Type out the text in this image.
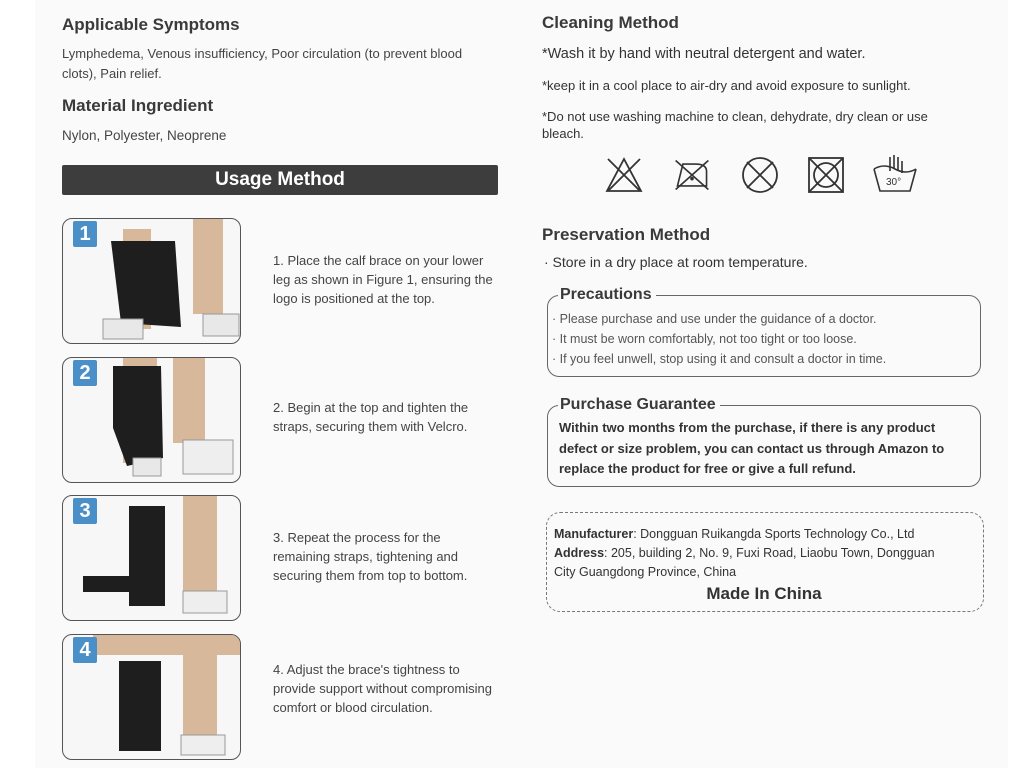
Applicable Symptoms
Lymphedema, Venous insufficiency, Poor circulation (to prevent blood clots), Pain relief.
Material Ingredient
Nylon, Polyester, Neoprene
Usage Method
1
1. Place the calf brace on your lower leg as shown in Figure 1, ensuring the logo is positioned at the top.
2
2. Begin at the top and tighten the straps, securing them with Velcro.
3
3. Repeat the process for the remaining straps, tightening and securing them from top to bottom.
4
4. Adjust the brace's tightness to provide support without compromising comfort or blood circulation.
Cleaning Method
*Wash it by hand with neutral detergent and water.
*keep it in a cool place to air-dry and avoid exposure to sunlight.
*Do not use washing machine to clean, dehydrate, dry clean or use bleach.
30°
Preservation Method
· Store in a dry place at room temperature.
Precautions
· Please purchase and use under the guidance of a doctor.
· It must be worn comfortably, not too tight or too loose.
· If you feel unwell, stop using it and consult a doctor in time.
Purchase Guarantee
Within two months from the purchase, if there is any product defect or size problem, you can contact us through Amazon to replace the product for free or give a full refund.
Manufacturer: Dongguan Ruikangda Sports Technology Co., Ltd
Address: 205, building 2, No. 9, Fuxi Road, Liaobu Town, Dongguan
City Guangdong Province, China
Made In China
